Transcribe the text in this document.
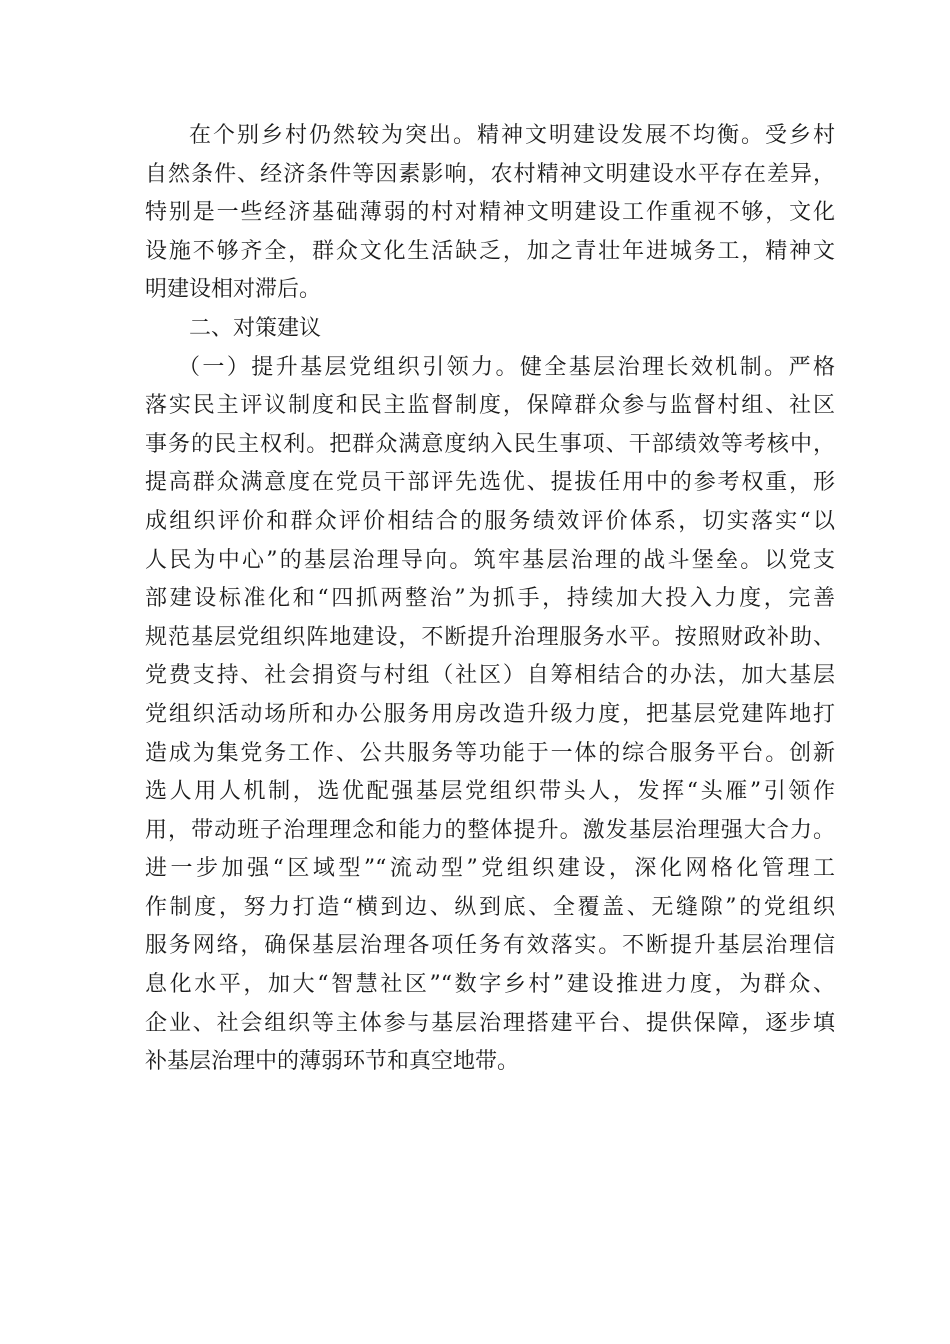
在个别乡村仍然较为突出。精神文明建设发展不均衡。受乡村
自然条件、经济条件等因素影响，农村精神文明建设水平存在差异，
特别是一些经济基础薄弱的村对精神文明建设工作重视不够，文化
设施不够齐全，群众文化生活缺乏，加之青壮年进城务工，精神文
明建设相对滞后。
二、对策建议
（一）提升基层党组织引领力。健全基层治理长效机制。严格
落实民主评议制度和民主监督制度，保障群众参与监督村组、社区
事务的民主权利。把群众满意度纳入民生事项、干部绩效等考核中，
提高群众满意度在党员干部评先选优、提拔任用中的参考权重，形
成组织评价和群众评价相结合的服务绩效评价体系，切实落实“以
人民为中心”的基层治理导向。筑牢基层治理的战斗堡垒。以党支
部建设标准化和“四抓两整治”为抓手，持续加大投入力度，完善
规范基层党组织阵地建设，不断提升治理服务水平。按照财政补助、
党费支持、社会捐资与村组（社区）自筹相结合的办法，加大基层
党组织活动场所和办公服务用房改造升级力度，把基层党建阵地打
造成为集党务工作、公共服务等功能于一体的综合服务平台。创新
选人用人机制，选优配强基层党组织带头人，发挥“头雁”引领作
用，带动班子治理理念和能力的整体提升。激发基层治理强大合力。
进一步加强“区域型”“流动型”党组织建设，深化网格化管理工
作制度，努力打造“横到边、纵到底、全覆盖、无缝隙”的党组织
服务网络，确保基层治理各项任务有效落实。不断提升基层治理信
息化水平，加大“智慧社区”“数字乡村”建设推进力度，为群众、
企业、社会组织等主体参与基层治理搭建平台、提供保障，逐步填
补基层治理中的薄弱环节和真空地带。
